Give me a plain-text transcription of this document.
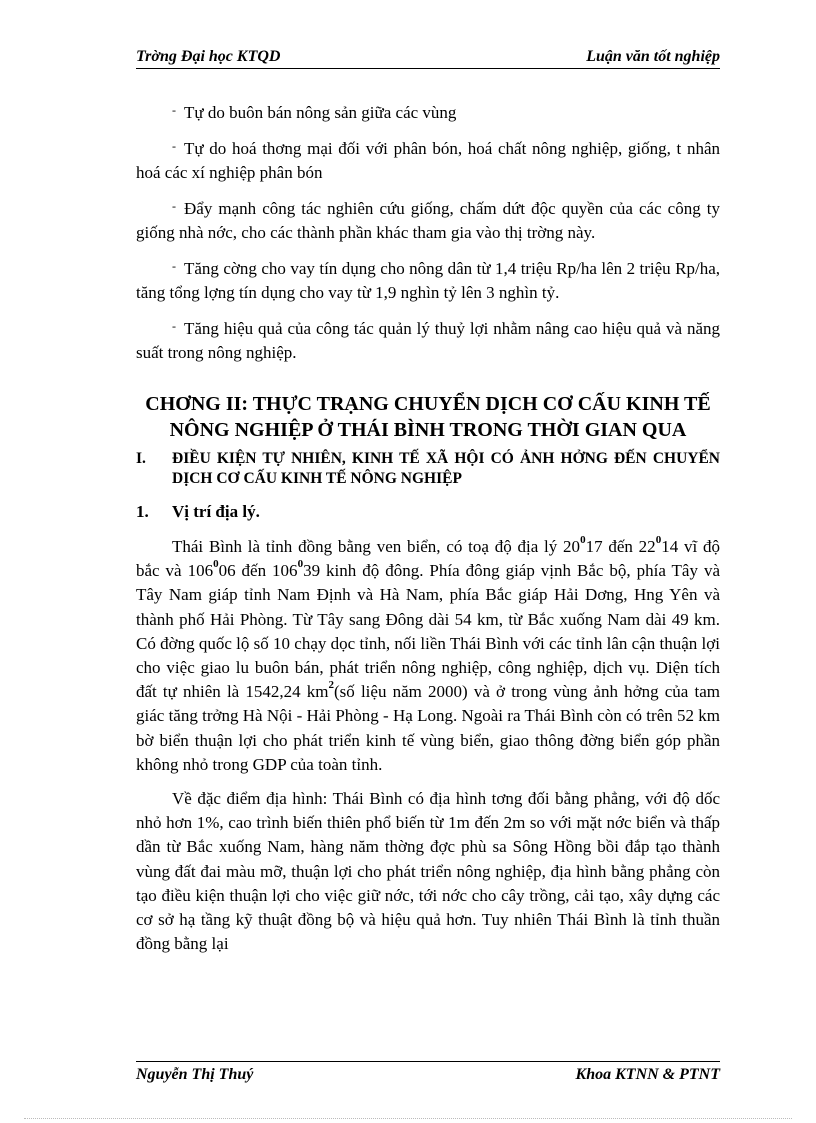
Trờng Đại học KTQD	Luận văn tốt nghiệp

- Tự do buôn bán nông sản giữa các vùng

- Tự do hoá thơng mại đối với phân bón, hoá chất nông nghiệp, giống, t nhân hoá các xí nghiệp phân bón

- Đẩy mạnh công tác nghiên cứu giống, chấm dứt độc quyền của các công ty giống nhà nớc, cho các thành phần khác tham gia vào thị trờng này.

- Tăng cờng cho vay tín dụng cho nông dân từ 1,4 triệu Rp/ha lên 2 triệu Rp/ha, tăng tổng lợng tín dụng cho vay từ 1,9 nghìn tỷ lên 3 nghìn tỷ.

- Tăng hiệu quả của công tác quản lý thuỷ lợi nhằm nâng cao hiệu quả và năng suất trong nông nghiệp.

CHƠNG II: THỰC TRẠNG CHUYỂN DỊCH CƠ CẤU KINH TẾ NÔNG NGHIỆP Ở THÁI BÌNH TRONG THỜI GIAN QUA

I.	ĐIỀU KIỆN TỰ NHIÊN, KINH TẾ XÃ HỘI CÓ ẢNH HỞNG ĐẾN CHUYỂN DỊCH CƠ CẤU KINH TẾ NÔNG NGHIỆP
1.	Vị trí địa lý.

Thái Bình là tỉnh đồng bằng ven biển, có toạ độ địa lý $20^017$ đến $22^014$ vĩ độ bắc và $106^006$ đến $106^039$ kinh độ đông. Phía đông giáp vịnh Bắc bộ, phía Tây và Tây Nam giáp tỉnh Nam Định và Hà Nam, phía Bắc giáp Hải Dơng, Hng Yên và thành phố Hải Phòng. Từ Tây sang Đông dài 54 km, từ Bắc xuống Nam dài 49 km. Có đờng quốc lộ số 10 chạy dọc tỉnh, nối liền Thái Bình với các tỉnh lân cận thuận lợi cho việc giao lu buôn bán, phát triển nông nghiệp, công nghiệp, dịch vụ. Diện tích đất tự nhiên là 1542,24 $km^2(số$ liệu năm 2000) và ở trong vùng ảnh hởng của tam giác tăng trởng Hà Nội - Hải Phòng - Hạ Long. Ngoài ra Thái Bình còn có trên 52 km bờ biển thuận lợi cho phát triển kinh tế vùng biển, giao thông đờng biển góp phần không nhỏ trong GDP của toàn tỉnh.

Về đặc điểm địa hình: Thái Bình có địa hình tơng đối bằng phẳng, với độ dốc nhỏ hơn 1%, cao trình biến thiên phổ biến từ 1m đến 2m so với mặt nớc biển và thấp dần từ Bắc xuống Nam, hàng năm thờng đợc phù sa Sông Hồng bồi đắp tạo thành vùng đất đai màu mỡ, thuận lợi cho phát triển nông nghiệp, địa hình bằng phẳng còn tạo điều kiện thuận lợi cho việc giữ nớc, tới nớc cho cây trồng, cải tạo, xây dựng các cơ sở hạ tầng kỹ thuật đồng bộ và hiệu quả hơn. Tuy nhiên Thái Bình là tỉnh thuần đồng bằng lại

Nguyễn Thị Thuý	Khoa KTNN & PTNT
